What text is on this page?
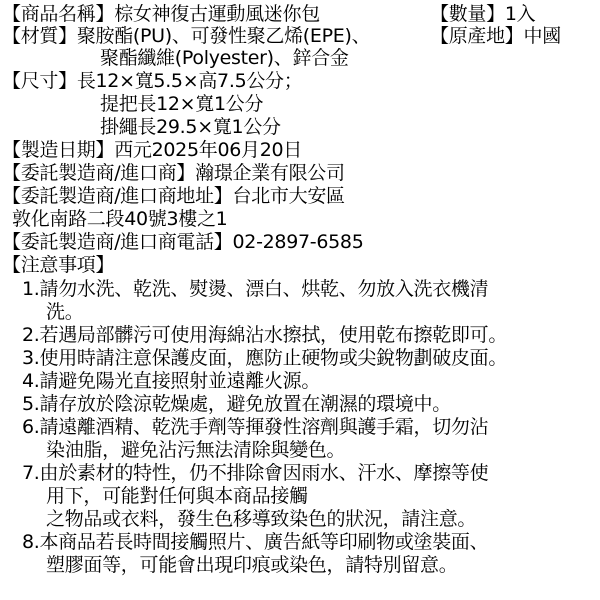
【商品名稱】棕女神復古運動風迷你包	【數量】1入
【材質】聚胺酯(PU)、可發性聚乙烯(EPE)、	【原產地】中國
聚酯纖維(Polyester)、鋅合金
【尺寸】長12×寬5.5×高7.5公分；
提把長12×寬1公分
掛繩長29.5×寬1公分
【製造日期】西元2025年06月20日
【委託製造商/進口商】瀚璟企業有限公司
【委託製造商/進口商地址】台北市大安區
敦化南路二段40號3樓之1
【委託製造商/進口商電話】02-2897-6585
【注意事項】
1.請勿水洗、乾洗、熨燙、漂白、烘乾、勿放入洗衣機清
洗。
2.若遇局部髒污可使用海綿沾水擦拭，使用乾布擦乾即可。
3.使用時請注意保護皮面，應防止硬物或尖銳物劃破皮面。
4.請避免陽光直接照射並遠離火源。
5.請存放於陰涼乾燥處，避免放置在潮濕的環境中。
6.請遠離酒精、乾洗手劑等揮發性溶劑與護手霜，切勿沾
染油脂，避免沾污無法清除與變色。
7.由於素材的特性，仍不排除會因雨水、汗水、摩擦等使
用下，可能對任何與本商品接觸
之物品或衣料，發生色移導致染色的狀況，請注意。
8.本商品若長時間接觸照片、廣告紙等印刷物或塗裝面、
塑膠面等，可能會出現印痕或染色，請特別留意。
